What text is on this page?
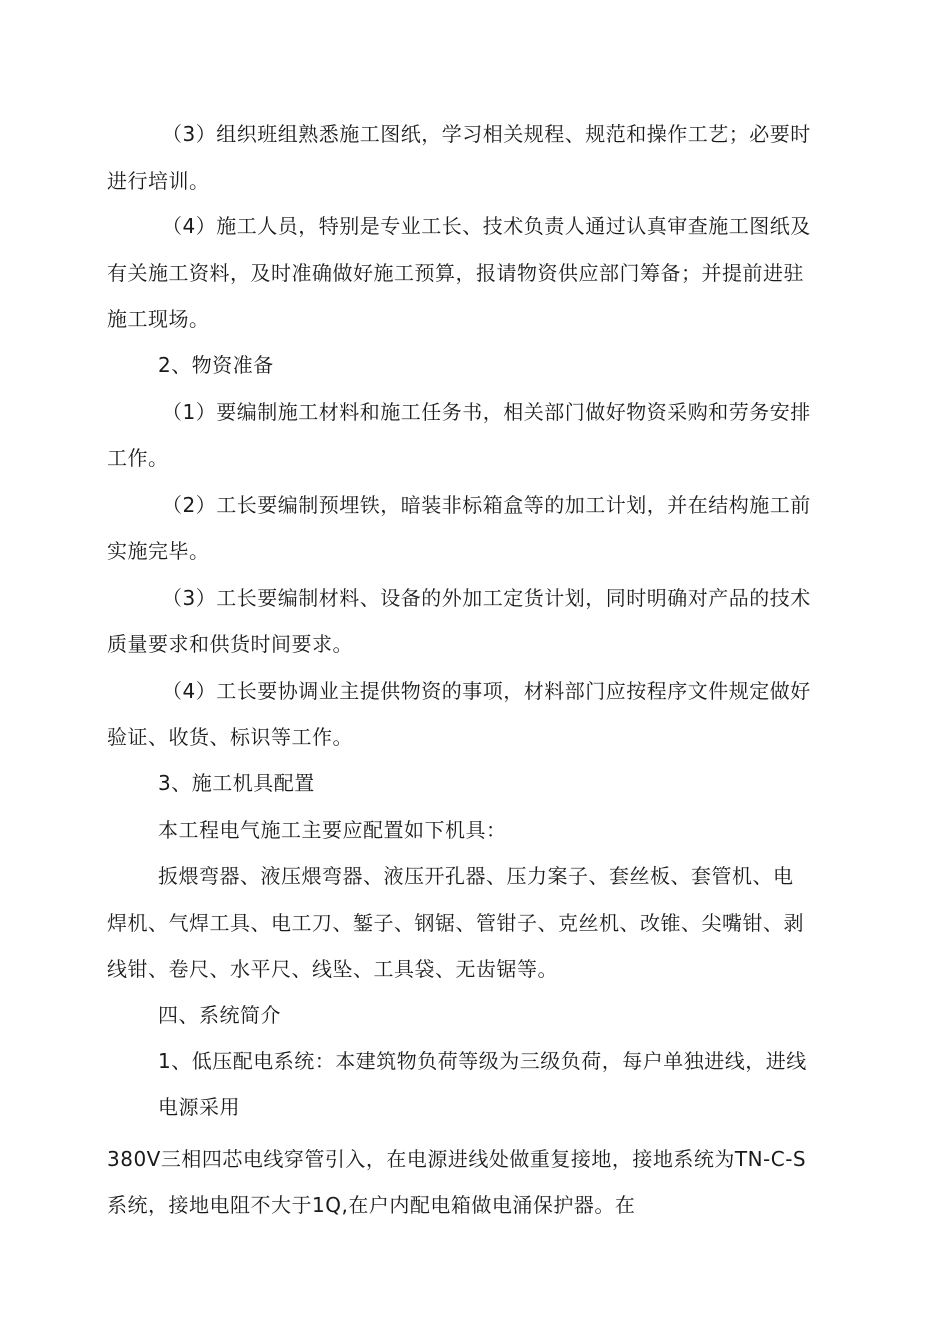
（3）组织班组熟悉施工图纸，学习相关规程、规范和操作工艺；必要时
进行培训。
（4）施工人员，特别是专业工长、技术负责人通过认真审查施工图纸及
有关施工资料，及时准确做好施工预算，报请物资供应部门筹备；并提前进驻
施工现场。
2、物资准备
（1）要编制施工材料和施工任务书，相关部门做好物资采购和劳务安排
工作。
（2）工长要编制预埋铁，暗装非标箱盒等的加工计划，并在结构施工前
实施完毕。
（3）工长要编制材料、设备的外加工定货计划，同时明确对产品的技术
质量要求和供货时间要求。
（4）工长要协调业主提供物资的事项，材料部门应按程序文件规定做好
验证、收货、标识等工作。
3、施工机具配置
本工程电气施工主要应配置如下机具：
扳煨弯器、液压煨弯器、液压开孔器、压力案子、套丝板、套管机、电
焊机、气焊工具、电工刀、錾子、钢锯、管钳子、克丝机、改锥、尖嘴钳、剥
线钳、卷尺、水平尺、线坠、工具袋、无齿锯等。
四、系统简介
1、低压配电系统：本建筑物负荷等级为三级负荷，每户单独进线，进线
电源采用
380V三相四芯电线穿管引入，在电源进线处做重复接地，接地系统为TN-C-S
系统，接地电阻不大于1Q,在户内配电箱做电涌保护器。在
